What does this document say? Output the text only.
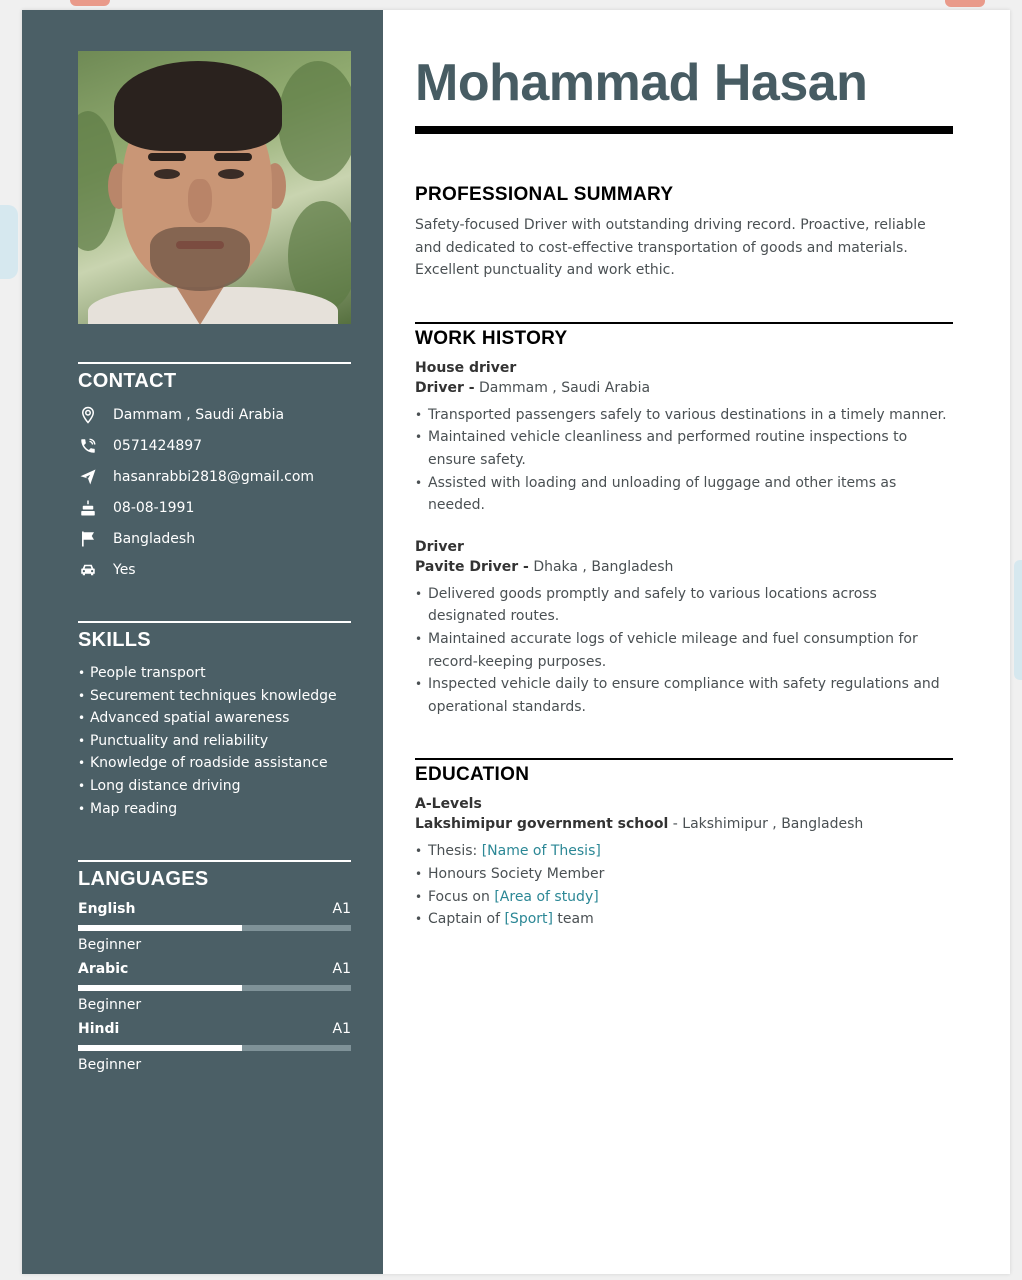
CONTACT
Dammam , Saudi Arabia
0571424897
hasanrabbi2818@gmail.com
08-08-1991
Bangladesh
Yes
SKILLS
• People transport
• Securement techniques knowledge
• Advanced spatial awareness
• Punctuality and reliability
• Knowledge of roadside assistance
• Long distance driving
• Map reading
LANGUAGES
English	A1
Beginner
Arabic	A1
Beginner
Hindi	A1
Beginner
Mohammad Hasan
PROFESSIONAL SUMMARY

Safety-focused Driver with outstanding driving record. Proactive, reliable and dedicated to cost-effective transportation of goods and materials. Excellent punctuality and work ethic.

WORK HISTORY
House driver
Driver - Dammam , Saudi Arabia
• Transported passengers safely to various destinations in a timely manner.
• Maintained vehicle cleanliness and performed routine inspections to ensure safety.
• Assisted with loading and unloading of luggage and other items as needed.
Driver
Pavite Driver - Dhaka , Bangladesh
• Delivered goods promptly and safely to various locations across designated routes.
• Maintained accurate logs of vehicle mileage and fuel consumption for record-keeping purposes.
• Inspected vehicle daily to ensure compliance with safety regulations and operational standards.
EDUCATION
A-Levels
Lakshimipur government school - Lakshimipur , Bangladesh
• Thesis: [Name of Thesis]
• Honours Society Member
• Focus on [Area of study]
• Captain of [Sport] team
